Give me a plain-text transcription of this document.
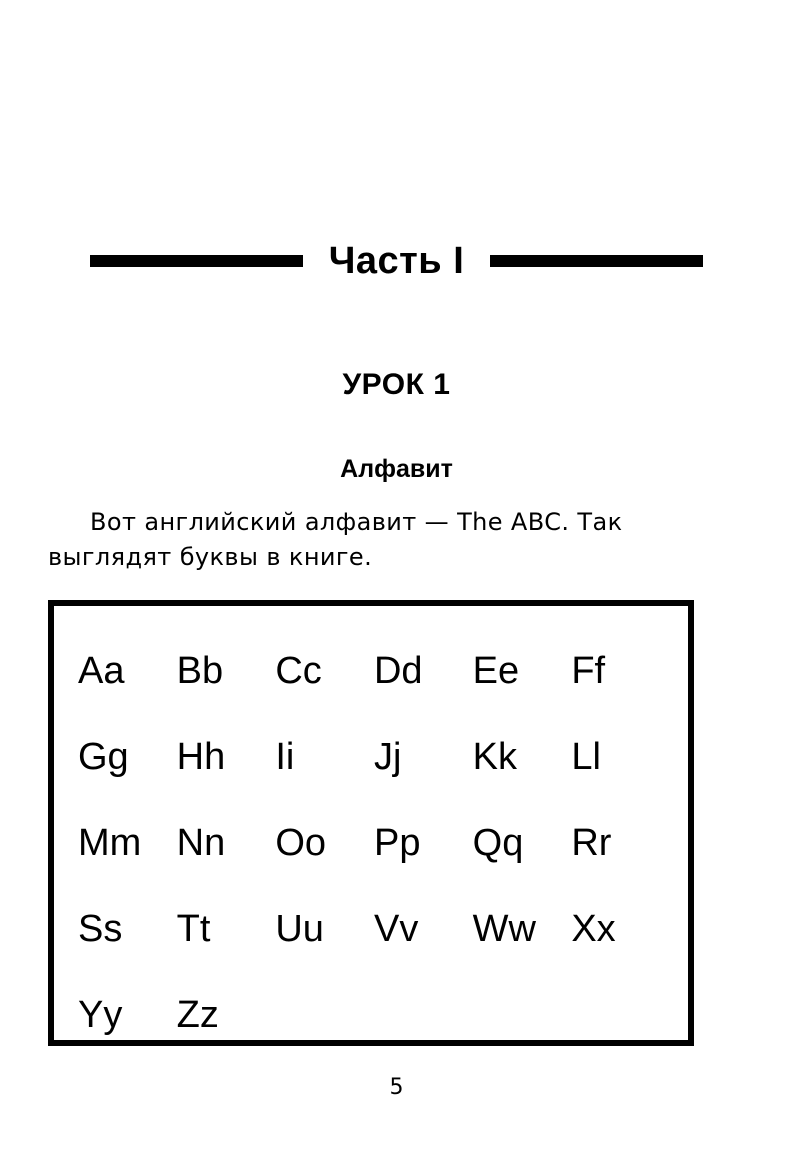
Часть I
УРОК 1
Алфавит
Вот английский алфавит — The ABC. Так выглядят буквы в книге.
Aa	Bb	Cc	Dd	Ee	Ff
Gg	Hh	Ii	Jj	Kk	Ll
Mm Nn	Oo	Pp	Qq	Rr
Ss	Tt	Uu	Vv	Ww Xx
Yy	Zz
5
